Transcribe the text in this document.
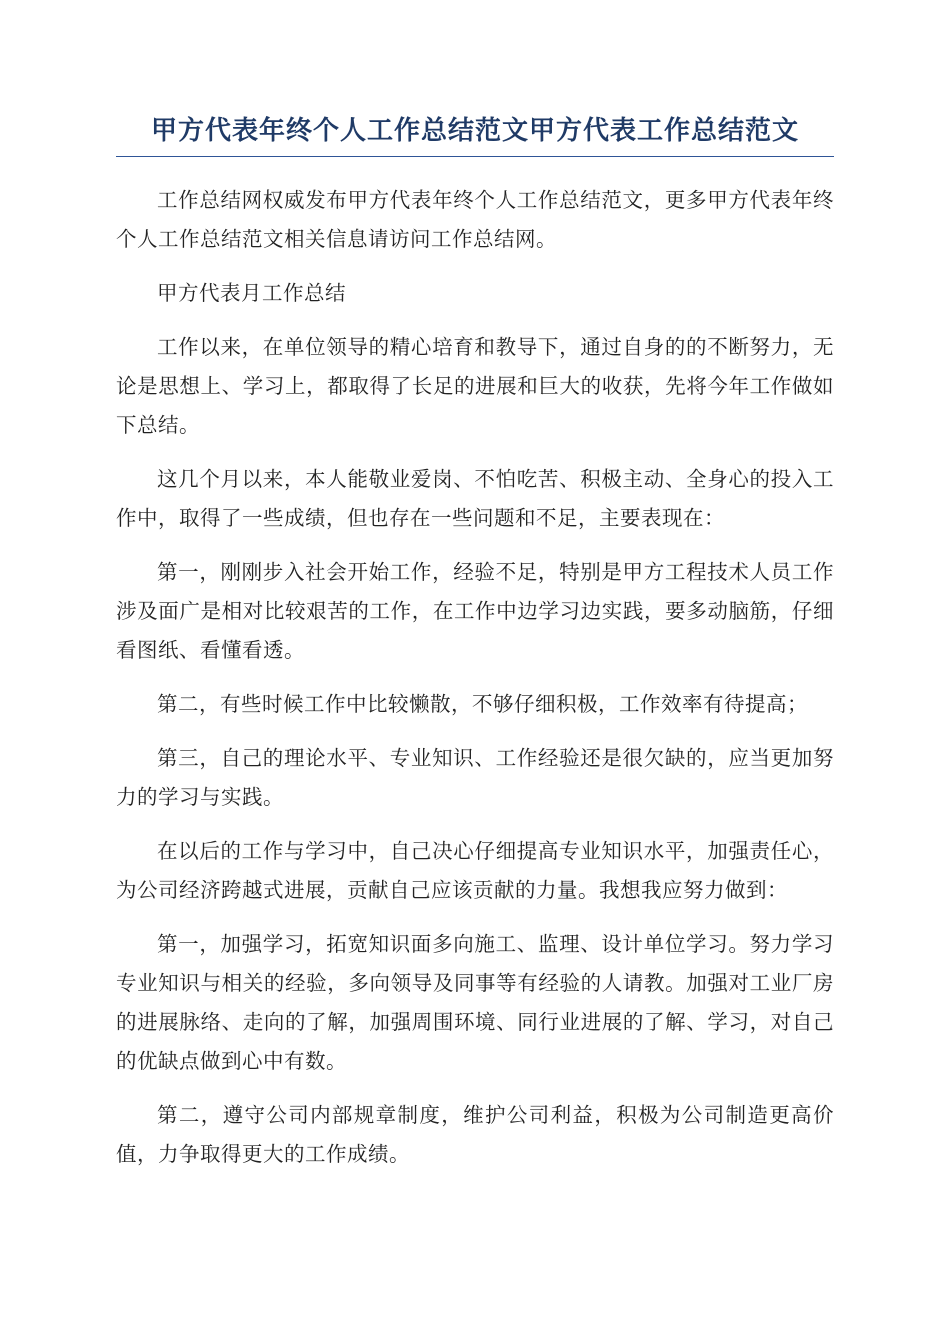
甲方代表年终个人工作总结范文甲方代表工作总结范文

工作总结网权威发布甲方代表年终个人工作总结范文，更多甲方代表年终个人工作总结范文相关信息请访问工作总结网。

甲方代表月工作总结

工作以来，在单位领导的精心培育和教导下，通过自身的的不断努力，无论是思想上、学习上，都取得了长足的进展和巨大的收获，先将今年工作做如下总结。

这几个月以来，本人能敬业爱岗、不怕吃苦、积极主动、全身心的投入工作中，取得了一些成绩，但也存在一些问题和不足，主要表现在：

第一，刚刚步入社会开始工作，经验不足，特别是甲方工程技术人员工作涉及面广是相对比较艰苦的工作，在工作中边学习边实践，要多动脑筋，仔细看图纸、看懂看透。

第二，有些时候工作中比较懒散，不够仔细积极，工作效率有待提高；

第三，自己的理论水平、专业知识、工作经验还是很欠缺的，应当更加努力的学习与实践。

在以后的工作与学习中，自己决心仔细提高专业知识水平，加强责任心，为公司经济跨越式进展，贡献自己应该贡献的力量。我想我应努力做到：

第一，加强学习，拓宽知识面多向施工、监理、设计单位学习。努力学习专业知识与相关的经验，多向领导及同事等有经验的人请教。加强对工业厂房的进展脉络、走向的了解，加强周围环境、同行业进展的了解、学习，对自己的优缺点做到心中有数。

第二，遵守公司内部规章制度，维护公司利益，积极为公司制造更高价值，力争取得更大的工作成绩。
